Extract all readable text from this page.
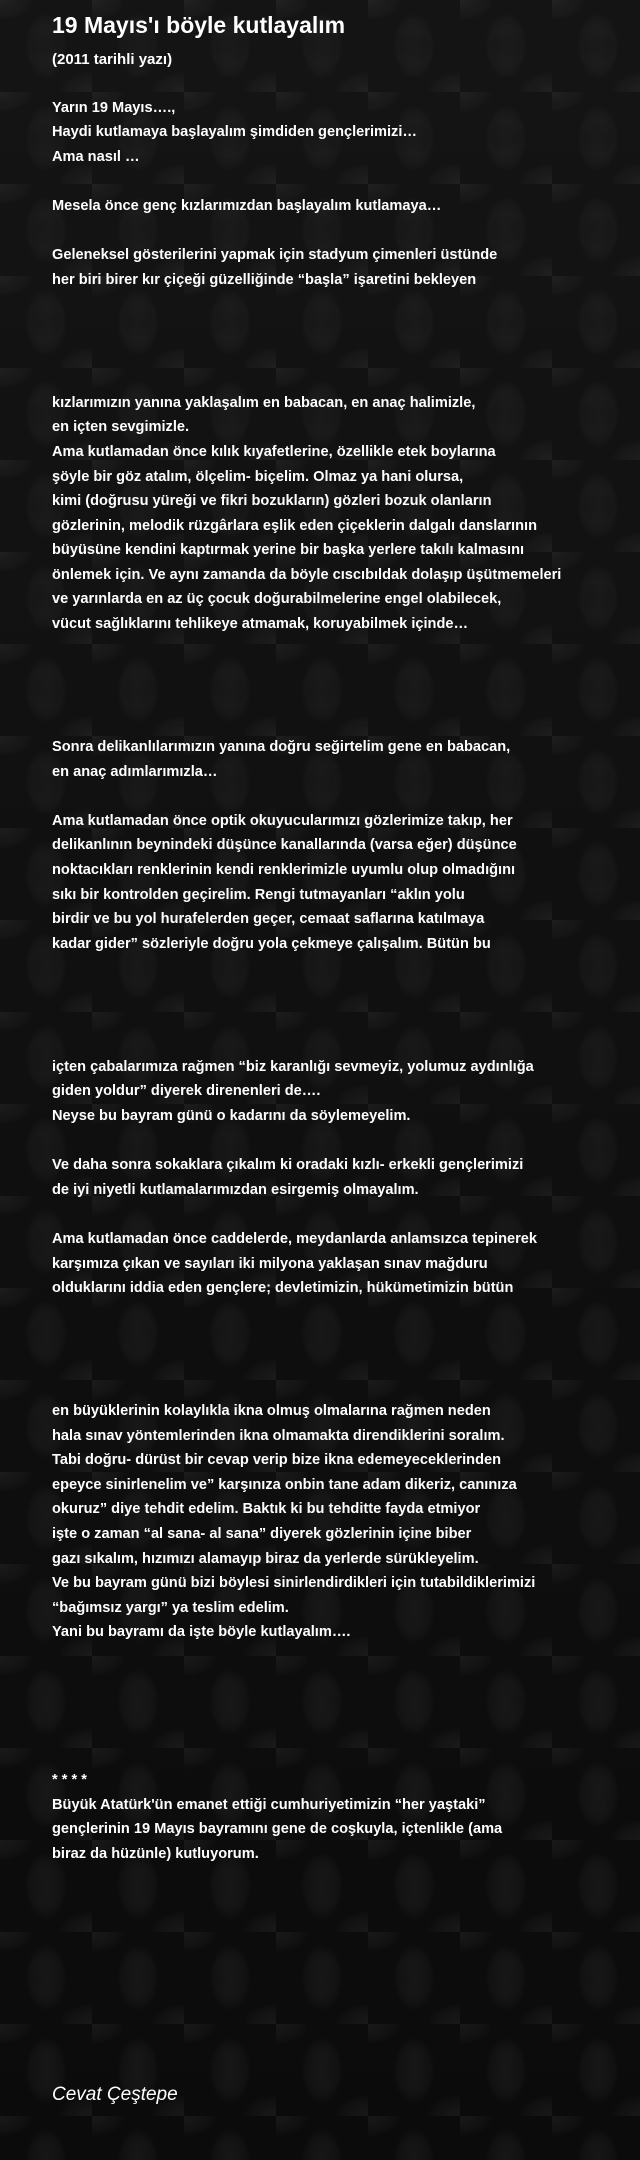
19 Mayıs'ı böyle kutlayalım
(2011 tarihli yazı)
Yarın 19 Mayıs….,
Haydi kutlamaya başlayalım şimdiden gençlerimizi…
Ama nasıl …
Mesela önce genç kızlarımızdan başlayalım kutlamaya…
Geleneksel gösterilerini yapmak için stadyum çimenleri üstünde
her biri birer kır çiçeği güzelliğinde “başla” işaretini bekleyen
kızlarımızın yanına yaklaşalım en babacan, en anaç halimizle,
en içten sevgimizle.
Ama kutlamadan önce kılık kıyafetlerine, özellikle etek boylarına
şöyle bir göz atalım, ölçelim- biçelim. Olmaz ya hani olursa,
kimi (doğrusu yüreği ve fikri bozukların) gözleri bozuk olanların
gözlerinin, melodik rüzgârlara eşlik eden çiçeklerin dalgalı danslarının
büyüsüne kendini kaptırmak yerine bir başka yerlere takılı kalmasını
önlemek için. Ve aynı zamanda da böyle cıscıbıldak dolaşıp üşütmemeleri
ve yarınlarda en az üç çocuk doğurabilmelerine engel olabilecek,
vücut sağlıklarını tehlikeye atmamak, koruyabilmek içinde…
Sonra delikanlılarımızın yanına doğru seğirtelim gene en babacan,
en anaç adımlarımızla…
Ama kutlamadan önce optik okuyucularımızı gözlerimize takıp, her
delikanlının beynindeki düşünce kanallarında (varsa eğer) düşünce
noktacıkları renklerinin kendi renklerimizle uyumlu olup olmadığını
sıkı bir kontrolden geçirelim. Rengi tutmayanları “aklın yolu
birdir ve bu yol hurafelerden geçer, cemaat saflarına katılmaya
kadar gider” sözleriyle doğru yola çekmeye çalışalım. Bütün bu
içten çabalarımıza rağmen “biz karanlığı sevmeyiz, yolumuz aydınlığa
giden yoldur” diyerek direnenleri de….
Neyse bu bayram günü o kadarını da söylemeyelim.
Ve daha sonra sokaklara çıkalım ki oradaki kızlı- erkekli gençlerimizi
de iyi niyetli kutlamalarımızdan esirgemiş olmayalım.
Ama kutlamadan önce caddelerde, meydanlarda anlamsızca tepinerek
karşımıza çıkan ve sayıları iki milyona yaklaşan sınav mağduru
olduklarını iddia eden gençlere; devletimizin, hükümetimizin bütün
en büyüklerinin kolaylıkla ikna olmuş olmalarına rağmen neden
hala sınav yöntemlerinden ikna olmamakta direndiklerini soralım.
Tabi doğru- dürüst bir cevap verip bize ikna edemeyeceklerinden
epeyce sinirlenelim ve” karşınıza onbin tane adam dikeriz, canınıza
okuruz” diye tehdit edelim. Baktık ki bu tehditte fayda etmiyor
işte o zaman “al sana- al sana” diyerek gözlerinin içine biber
gazı sıkalım, hızımızı alamayıp biraz da yerlerde sürükleyelim.
Ve bu bayram günü bizi böylesi sinirlendirdikleri için tutabildiklerimizi
“bağımsız yargı” ya teslim edelim.
Yani bu bayramı da işte böyle kutlayalım….
* * * *
Büyük Atatürk'ün emanet ettiği cumhuriyetimizin “her yaştaki”
gençlerinin 19 Mayıs bayramını gene de coşkuyla, içtenlikle (ama
biraz da hüzünle) kutluyorum.
Cevat Çeştepe
